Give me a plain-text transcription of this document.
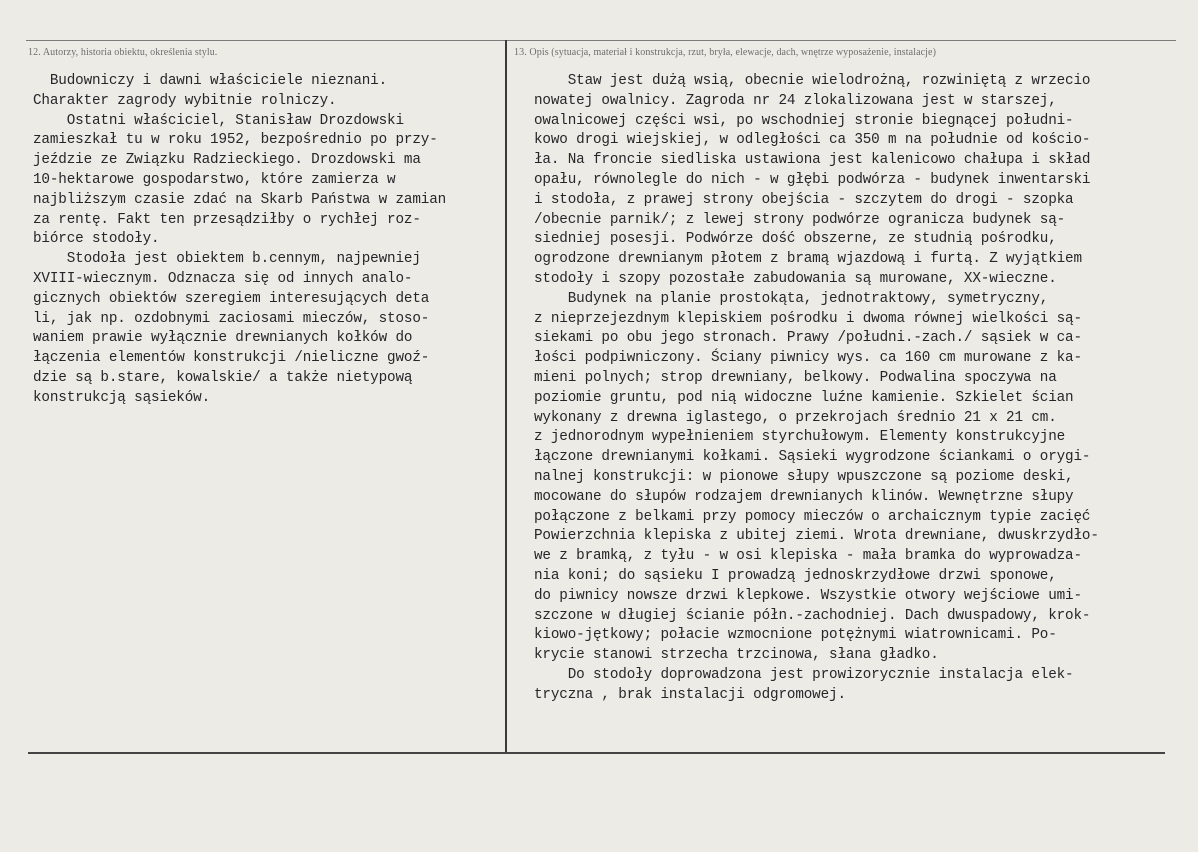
12. Autorzy, historia obiektu, określenia stylu.	13. Opis (sytuacja, materiał i konstrukcja, rzut, bryła, elewacje, dach, wnętrze wyposażenie, instalacje)
Budowniczy i dawni właściciele nieznani.
Charakter zagrody wybitnie rolniczy.
Ostatni właściciel, Stanisław Drozdowski
zamieszkał tu w roku 1952, bezpośrednio po przy-
jeździe ze Związku Radzieckiego. Drozdowski ma
10-hektarowe gospodarstwo, które zamierza w
najbliższym czasie zdać na Skarb Państwa w zamian
za rentę. Fakt ten przesądziłby o rychłej roz-
biórce stodoły.
Stodoła jest obiektem b.cennym, najpewniej
XVIII-wiecznym. Odznacza się od innych analo-
gicznych obiektów szeregiem interesujących deta
li, jak np. ozdobnymi zaciosami mieczów, stoso-
waniem prawie wyłącznie drewnianych kołków do
łączenia elementów konstrukcji /nieliczne gwoź-
dzie są b.stare, kowalskie/ a także nietypową
konstrukcją sąsieków.
Staw jest dużą wsią, obecnie wielodrożną, rozwiniętą z wrzecio
nowatej owalnicy. Zagroda nr 24 zlokalizowana jest w starszej,
owalnicowej części wsi, po wschodniej stronie biegnącej południ-
kowo drogi wiejskiej, w odległości ca 350 m na południe od kościo-
ła. Na froncie siedliska ustawiona jest kalenicowo chałupa i skład
opału, równolegle do nich - w głębi podwórza - budynek inwentarski
i stodoła, z prawej strony obejścia - szczytem do drogi - szopka
/obecnie parnik/; z lewej strony podwórze ogranicza budynek są-
siedniej posesji. Podwórze dość obszerne, ze studnią pośrodku,
ogrodzone drewnianym płotem z bramą wjazdową i furtą. Z wyjątkiem
stodoły i szopy pozostałe zabudowania są murowane, XX-wieczne.
Budynek na planie prostokąta, jednotraktowy, symetryczny,
z nieprzejezdnym klepiskiem pośrodku i dwoma równej wielkości są-
siekami po obu jego stronach. Prawy /południ.-zach./ sąsiek w ca-
łości podpiwniczony. Ściany piwnicy wys. ca 160 cm murowane z ka-
mieni polnych; strop drewniany, belkowy. Podwalina spoczywa na
poziomie gruntu, pod nią widoczne luźne kamienie. Szkielet ścian
wykonany z drewna iglastego, o przekrojach średnio 21 x 21 cm.
z jednorodnym wypełnieniem styrchułowym. Elementy konstrukcyjne
łączone drewnianymi kołkami. Sąsieki wygrodzone ściankami o orygi-
nalnej konstrukcji: w pionowe słupy wpuszczone są poziome deski,
mocowane do słupów rodzajem drewnianych klinów. Wewnętrzne słupy
połączone z belkami przy pomocy mieczów o archaicznym typie zacięć
Powierzchnia klepiska z ubitej ziemi. Wrota drewniane, dwuskrzydło-
we z bramką, z tyłu - w osi klepiska - mała bramka do wyprowadza-
nia koni; do sąsieku I prowadzą jednoskrzydłowe drzwi sponowe,
do piwnicy nowsze drzwi klepkowe. Wszystkie otwory wejściowe umi-
szczone w długiej ścianie półn.-zachodniej. Dach dwuspadowy, krok-
kiowo-jętkowy; połacie wzmocnione potężnymi wiatrownicami. Po-
krycie stanowi strzecha trzcinowa, słana gładko.
Do stodoły doprowadzona jest prowizorycznie instalacja elek-
tryczna , brak instalacji odgromowej.
